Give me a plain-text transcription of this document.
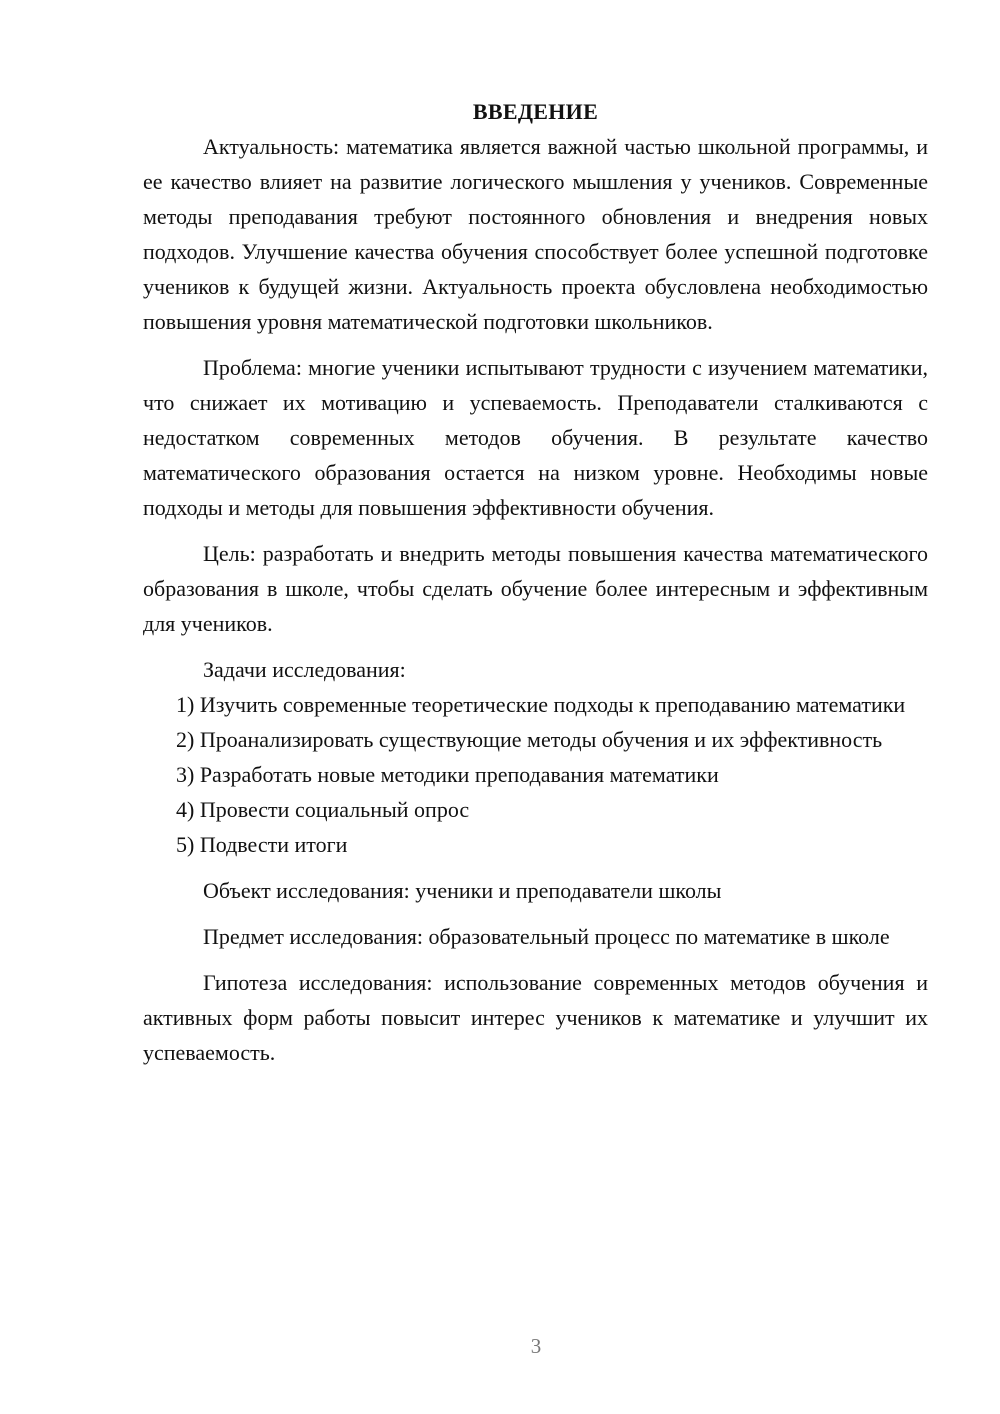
ВВЕДЕНИЕ

Актуальность: математика является важной частью школьной программы, и ее качество влияет на развитие логического мышления у учеников. Современные методы преподавания требуют постоянного обновления и внедрения новых подходов. Улучшение качества обучения способствует более успешной подготовке учеников к будущей жизни. Актуальность проекта обусловлена необходимостью повышения уровня математической подготовки школьников.

Проблема: многие ученики испытывают трудности с изучением математики, что снижает их мотивацию и успеваемость. Преподаватели сталкиваются с недостатком современных методов обучения. В результате качество математического образования остается на низком уровне. Необходимы новые подходы и методы для повышения эффективности обучения.

Цель: разработать и внедрить методы повышения качества математического образования в школе, чтобы сделать обучение более интересным и эффективным для учеников.

Задачи исследования:

1) Изучить современные теоретические подходы к преподаванию математики

2) Проанализировать существующие методы обучения и их эффективность

3) Разработать новые методики преподавания математики

4) Провести социальный опрос

5) Подвести итоги

Объект исследования: ученики и преподаватели школы

Предмет исследования: образовательный процесс по математике в школе

Гипотеза исследования: использование современных методов обучения и активных форм работы повысит интерес учеников к математике и улучшит их успеваемость.

3
